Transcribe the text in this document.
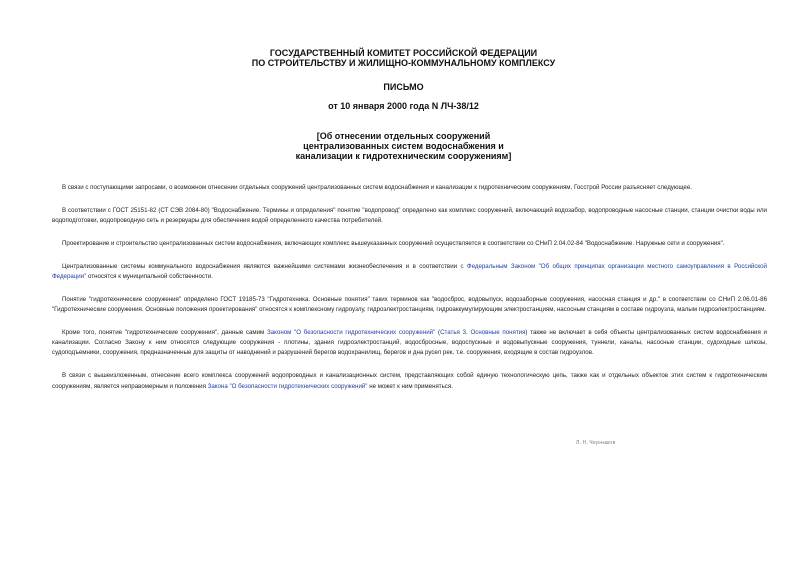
ГОСУДАРСТВЕННЫЙ КОМИТЕТ РОССИЙСКОЙ ФЕДЕРАЦИИ
ПО СТРОИТЕЛЬСТВУ И ЖИЛИЩНО-КОММУНАЛЬНОМУ КОМПЛЕКСУ
ПИСЬМО
от 10 января 2000 года N ЛЧ-38/12
[Об отнесении отдельных сооружений
централизованных систем водоснабжения и
канализации к гидротехническим сооружениям]

В связи с поступающими запросами, о возможном отнесении отдельных сооружений централизованных систем водоснабжения и канализации к гидротехническим сооружениям, Госстрой России разъясняет следующее.

В соответствии с ГОСТ 25151-82 (СТ СЭВ 2084-80) "Водоснабжение. Термины и определения" понятие "водопровод" определено как комплекс сооружений, включающий водозабор, водопроводные насосные станции, станции очистки воды или водоподготовки, водопроводную сеть и резервуары для обеспечения водой определенного качества потребителей.

Проектирование и строительство централизованных систем водоснабжения, включающих комплекс вышеуказанных сооружений осуществляется в соответствии со СНиП 2.04.02-84 "Водоснабжение. Наружные сети и сооружения".

Централизованные системы коммунального водоснабжения являются важнейшими системами жизнеобеспечения и в соответствии с Федеральным Законом "Об общих принципах организации местного самоуправления в Российской Федерации" относятся к муниципальной собственности.

Понятие "гидротехнические сооружения" определено ГОСТ 19185-73 "Гидротехника. Основные понятия" таких терминов как "водосброс, водовыпуск, водозаборные сооружения, насосная станция и др." в соответствии со СНиП 2.06.01-86 "Гидротехнические сооружения. Основные положения проектирования" относятся к комплексному гидроузлу, гидроэлектростанциям, гидроаккумулирующим электростанциям, насосным станциям в составе гидроузла, малым гидроэлектростанциям.

Кроме того, понятие "гидротехнические сооружения", данные самим Законом "О безопасности гидротехнических сооружений" (Статья 3. Основные понятия) также не включает в себя объекты централизованных систем водоснабжения и канализации. Согласно Закону к ним относятся следующие сооружения - плотины, здания гидроэлектростанций, водосбросные, водоспускные и водовыпускные сооружения, туннели, каналы, насосные станции, судоходные шлюзы, судоподъемники, сооружения, предназначенные для защиты от наводнений и разрушений берегов водохранилищ, берегов и дна русел рек, т.е. сооружения, входящие в состав гидроузлов.

В связи с вышеизложенным, отнесение всего комплекса сооружений водопроводных и канализационных систем, представляющих собой единую технологическую цепь, также как и отдельных объектов этих систем к гидротехническим сооружениям, является неправомерным и положения Закона "О безопасности гидротехнических сооружений" не может к ним применяться.

Л.Н.Чернышов
